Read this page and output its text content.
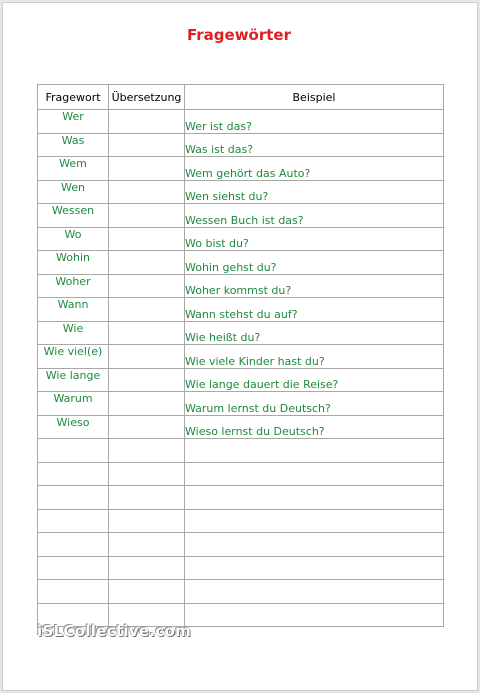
Fragewörter
Fragewort	Übersetzung	Beispiel
Wer		Wer ist das?
Was		Was ist das?
Wem		Wem gehört das Auto?
Wen		Wen siehst du?
Wessen		Wessen Buch ist das?
Wo		Wo bist du?
Wohin		Wohin gehst du?
Woher		Woher kommst du?
Wann		Wann stehst du auf?
Wie		Wie heißt du?
Wie viel(e)		Wie viele Kinder hast du?
Wie lange		Wie lange dauert die Reise?
Warum		Warum lernst du Deutsch?
Wieso		Wieso lernst du Deutsch?

iSLCollective.com
